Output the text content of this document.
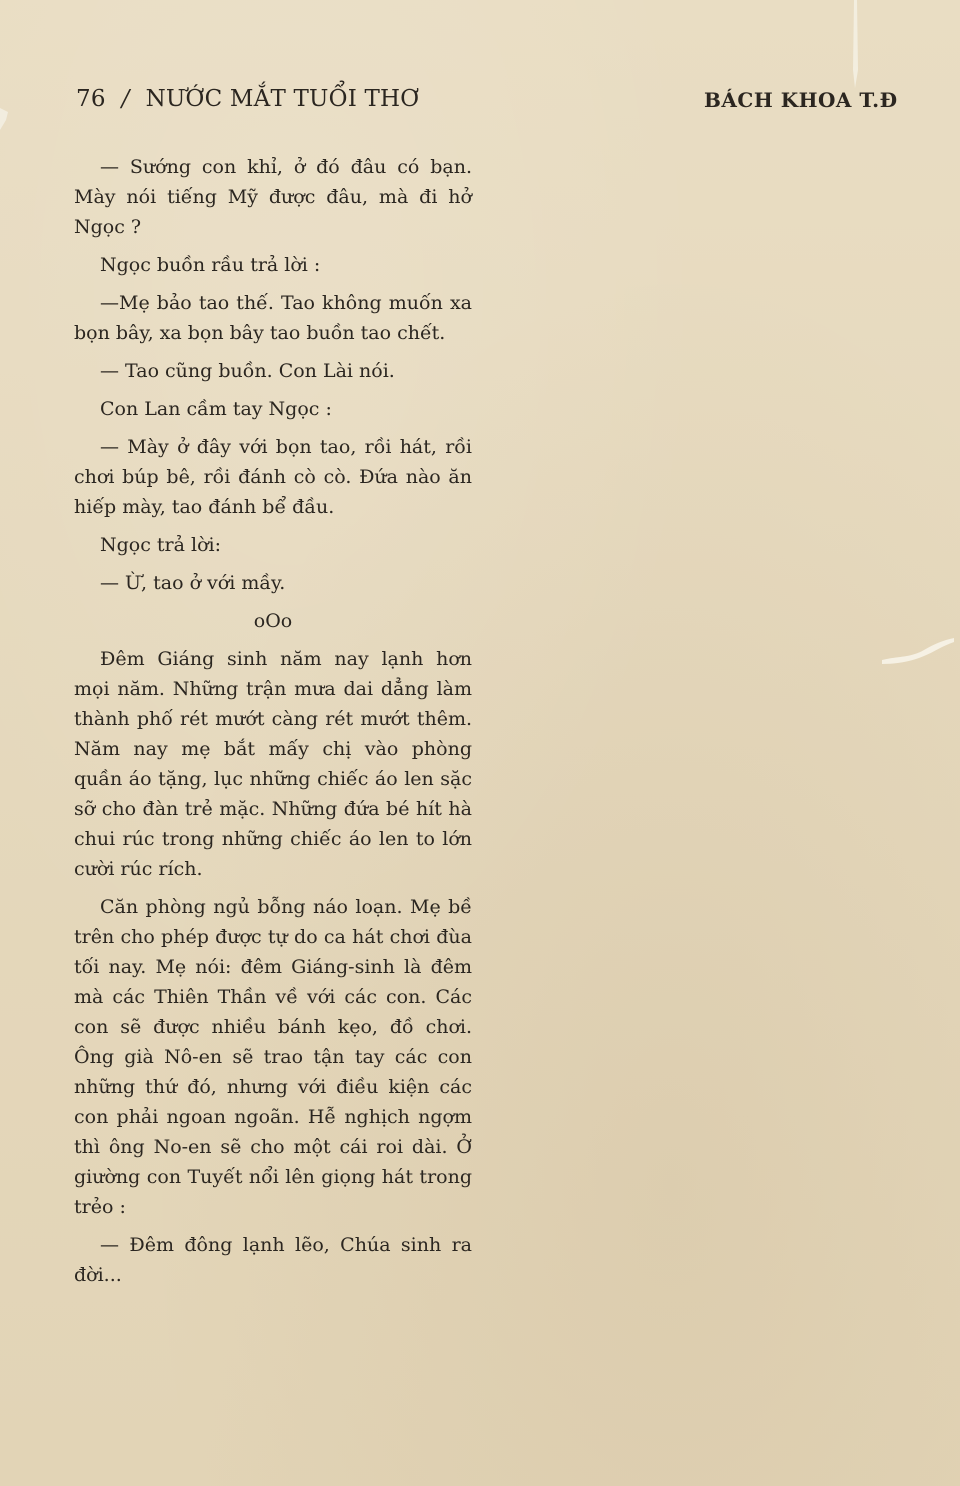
76 / NƯỚC MẮT TUỔI THƠ	BÁCH KHOA T.Đ

— Sướng con khỉ, ở đó đâu có bạn. Mày nói tiếng Mỹ được đâu, mà đi hở Ngọc ?

Ngọc buồn rầu trả lời :

—Mẹ bảo tao thế. Tao không muốn xa bọn bây, xa bọn bây tao buồn tao chết.

— Tao cũng buồn. Con Lài nói.

Con Lan cầm tay Ngọc :

— Mày ở đây với bọn tao, rồi hát, rồi chơi búp bê, rồi đánh cò cò. Đứa nào ăn hiếp mày, tao đánh bể đầu.

Ngọc trả lời:

— Ừ, tao ở với mầy.

oOo

Đêm Giáng sinh năm nay lạnh hơn mọi năm. Những trận mưa dai dẳng làm thành phố rét mướt càng rét mướt thêm. Năm nay mẹ bắt mấy chị vào phòng quần áo tặng, lục những chiếc áo len sặc sỡ cho đàn trẻ mặc. Những đứa bé hít hà chui rúc trong những chiếc áo len to lớn cười rúc rích.

Căn phòng ngủ bỗng náo loạn. Mẹ bề trên cho phép được tự do ca hát chơi đùa tối nay. Mẹ nói: đêm Giáng-sinh là đêm mà các Thiên Thần về với các con. Các con sẽ được nhiều bánh kẹo, đồ chơi. Ông già Nô-en sẽ trao tận tay các con những thứ đó, nhưng với điều kiện các con phải ngoan ngoãn. Hễ nghịch ngợm thì ông No-en sẽ cho một cái roi dài. Ở giường con Tuyết nổi lên giọng hát trong trẻo :

— Đêm đông lạnh lẽo, Chúa sinh ra đời...
